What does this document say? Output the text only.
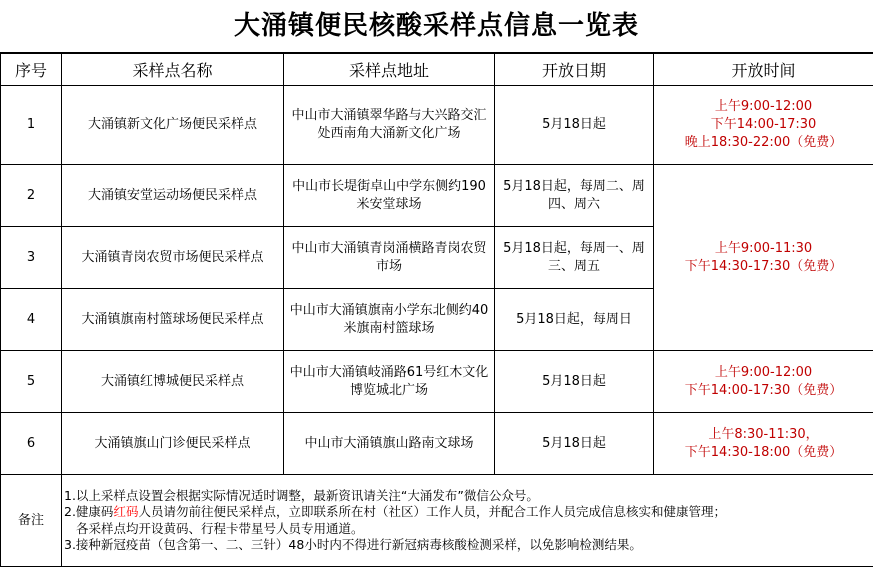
大涌镇便民核酸采样点信息一览表
序号	采样点名称	采样点地址	开放日期	开放时间
1	大涌镇新文化广场便民采样点	中山市大涌镇翠华路与大兴路交汇处西南角大涌新文化广场	5月18日起	上午9:00-12:00
下午14:00-17:30
晚上18:30-22:00（免费）

2	大涌镇安堂运动场便民采样点	中山市长堤街卓山中学东侧约190米安堂球场	5月18日起，每周二、周四、周六	上午9:00-11:30
下午14:30-17:30（免费）

3	大涌镇青岗农贸市场便民采样点	中山市大涌镇青岗涌横路青岗农贸市场	5月18日起，每周一、周三、周五	
4	大涌镇旗南村篮球场便民采样点	中山市大涌镇旗南小学东北侧约40米旗南村篮球场	5月18日起，每周日	
5	大涌镇红博城便民采样点	中山市大涌镇岐涌路61号红木文化博览城北广场	5月18日起	上午9:00-12:00
下午14:00-17:30（免费）

6	大涌镇旗山门诊便民采样点	中山市大涌镇旗山路南文球场	5月18日起	上午8:30-11:30，
下午14:30-18:00（免费）

备注	1.以上采样点设置会根据实际情况适时调整，最新资讯请关注“大涌发布”微信公众号。
2.健康码红码人员请勿前往便民采样点，立即联系所在村（社区）工作人员，并配合工作人员完成信息核实和健康管理；
各采样点均开设黄码、行程卡带星号人员专用通道。
3.接种新冠疫苗（包含第一、二、三针）48小时内不得进行新冠病毒核酸检测采样，以免影响检测结果。			
